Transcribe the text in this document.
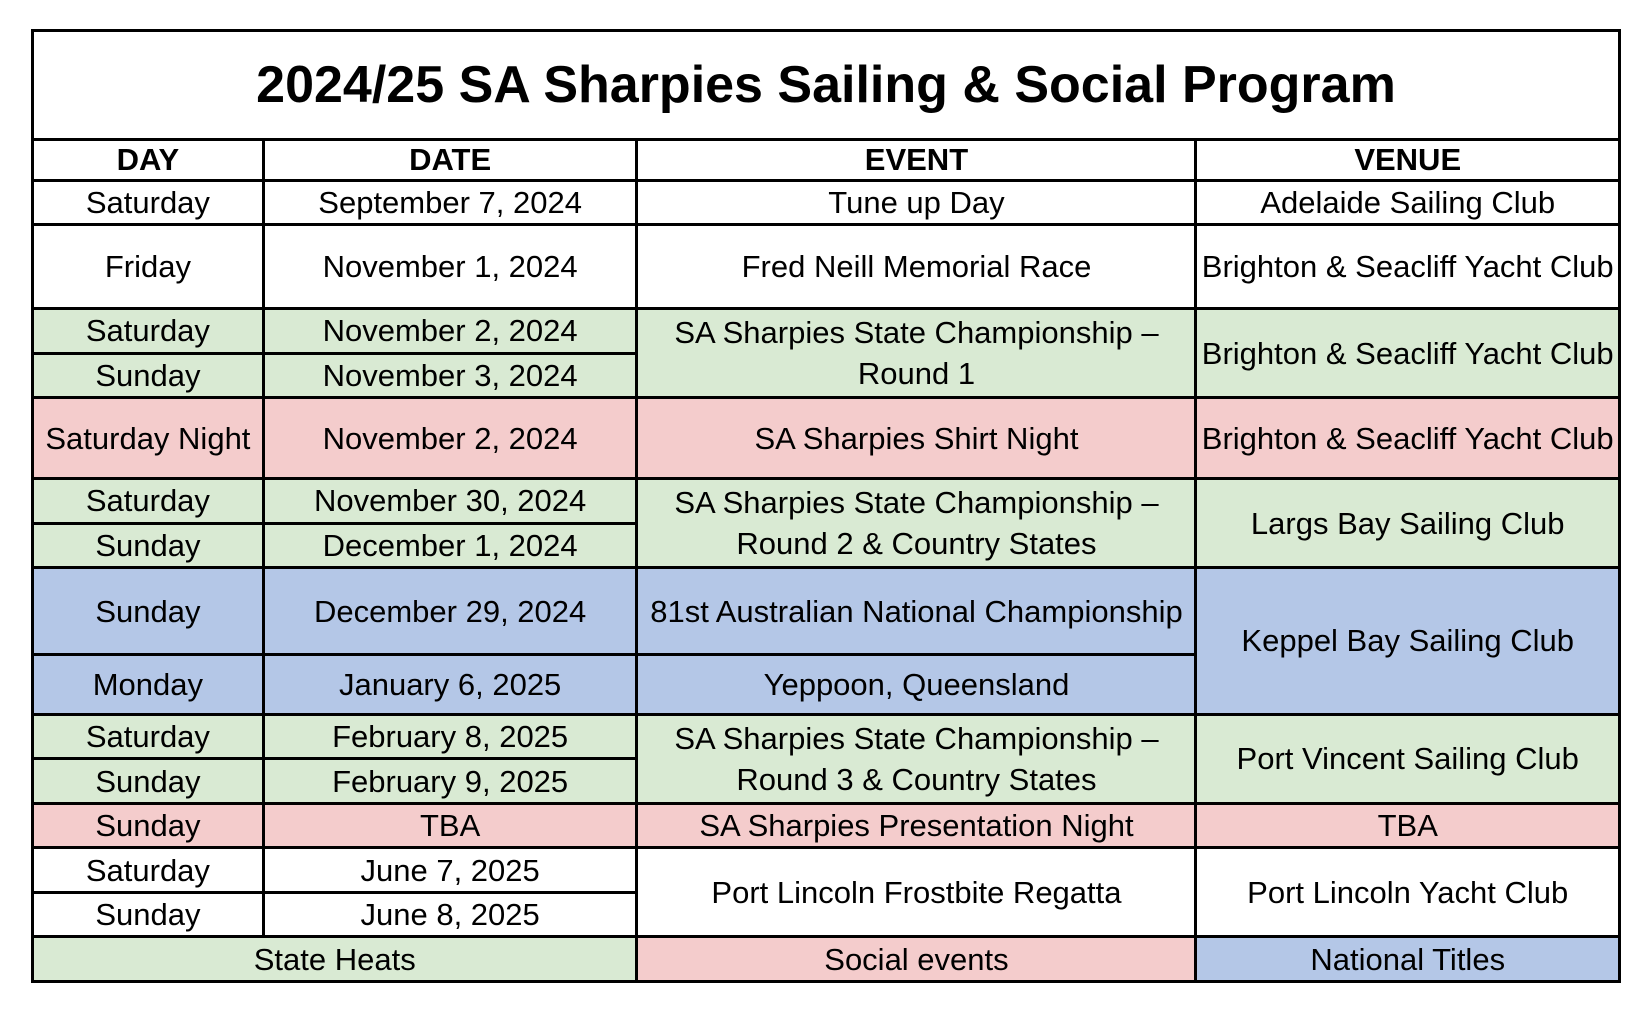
2024/25 SA Sharpies Sailing & Social Program			
DAY	DATE	EVENT	VENUE
Saturday	September 7, 2024	Tune up Day	Adelaide Sailing Club
Friday	November 1, 2024	Fred Neill Memorial Race	Brighton & Seacliff Yacht Club
Saturday	November 2, 2024	SA Sharpies State Championship – Round 1	Brighton & Seacliff Yacht Club
Sunday	November 3, 2024		
Saturday Night	November 2, 2024	SA Sharpies Shirt Night	Brighton & Seacliff Yacht Club
Saturday	November 30, 2024	SA Sharpies State Championship – Round 2 & Country States	Largs Bay Sailing Club
Sunday	December 1, 2024		
Sunday	December 29, 2024	81st Australian National Championship	Keppel Bay Sailing Club
Monday	January 6, 2025	Yeppoon, Queensland	
Saturday	February 8, 2025	SA Sharpies State Championship – Round 3 & Country States	Port Vincent Sailing Club
Sunday	February 9, 2025		
Sunday	TBA	SA Sharpies Presentation Night	TBA
Saturday	June 7, 2025	Port Lincoln Frostbite Regatta	Port Lincoln Yacht Club
Sunday	June 8, 2025		
State Heats		Social events	National Titles
